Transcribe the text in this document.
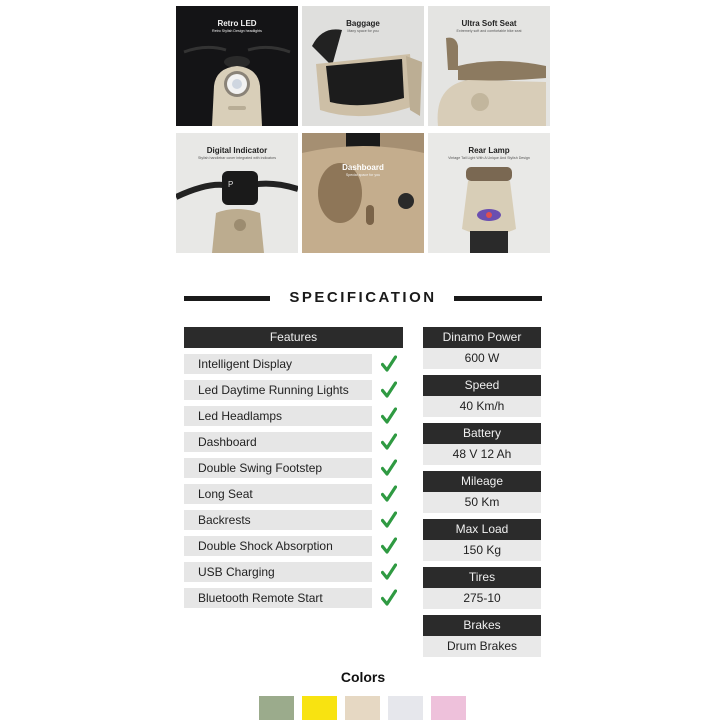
Retro LED
Retro Stylish Design headlights
Baggage
Many space for you
Ultra Soft Seat
Extremely soft and comfortable bike seat
P
Digital Indicator
Stylish handlebar cover integrated with indicators
Dashboard
Special space for you
Rear Lamp
Vintage Tail Light With A Unique And Stylish Design
SPECIFICATION
Features
Intelligent Display
Led Daytime Running Lights
Led Headlamps
Dashboard
Double Swing Footstep
Long Seat
Backrests
Double Shock Absorption
USB Charging
Bluetooth Remote Start
Dinamo Power
600 W
Speed
40 Km/h
Battery
48 V 12 Ah
Mileage
50 Km
Max Load
150 Kg
Tires
275-10
Brakes
Drum Brakes
Colors
